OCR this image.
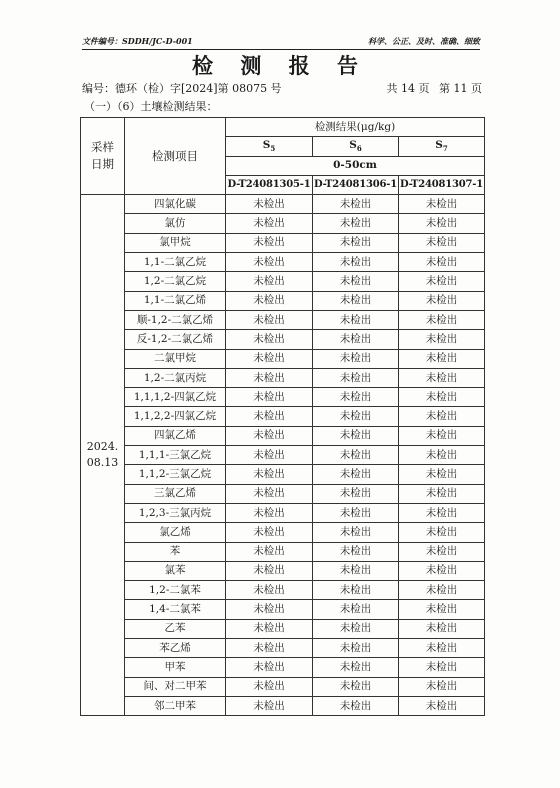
文件编号：SDDH/JC-D-001	科学、公正、及时、准确、细致
检 测 报 告
编号：德环（检）字[2024]第 08075 号	共 14 页 第 11 页
（一）（6）土壤检测结果：
采样
日期	检测项目	检测结果(μg/kg)		
		$S_5$	$S_6$	$S_7$
		0-50cm		
		D-T24081305-1	D-T24081306-1	D-T24081307-1
2024.
08.13	四氯化碳	未检出	未检出	未检出
	氯仿	未检出	未检出	未检出
	氯甲烷	未检出	未检出	未检出
	1,1-二氯乙烷	未检出	未检出	未检出
	1,2-二氯乙烷	未检出	未检出	未检出
	1,1-二氯乙烯	未检出	未检出	未检出
	顺-1,2-二氯乙烯	未检出	未检出	未检出
	反-1,2-二氯乙烯	未检出	未检出	未检出
	二氯甲烷	未检出	未检出	未检出
	1,2-二氯丙烷	未检出	未检出	未检出
	1,1,1,2-四氯乙烷	未检出	未检出	未检出
	1,1,2,2-四氯乙烷	未检出	未检出	未检出
	四氯乙烯	未检出	未检出	未检出
	1,1,1-三氯乙烷	未检出	未检出	未检出
	1,1,2-三氯乙烷	未检出	未检出	未检出
	三氯乙烯	未检出	未检出	未检出
	1,2,3-三氯丙烷	未检出	未检出	未检出
	氯乙烯	未检出	未检出	未检出
	苯	未检出	未检出	未检出
	氯苯	未检出	未检出	未检出
	1,2-二氯苯	未检出	未检出	未检出
	1,4-二氯苯	未检出	未检出	未检出
	乙苯	未检出	未检出	未检出
	苯乙烯	未检出	未检出	未检出
	甲苯	未检出	未检出	未检出
	间、对二甲苯	未检出	未检出	未检出
	邻二甲苯	未检出	未检出	未检出
